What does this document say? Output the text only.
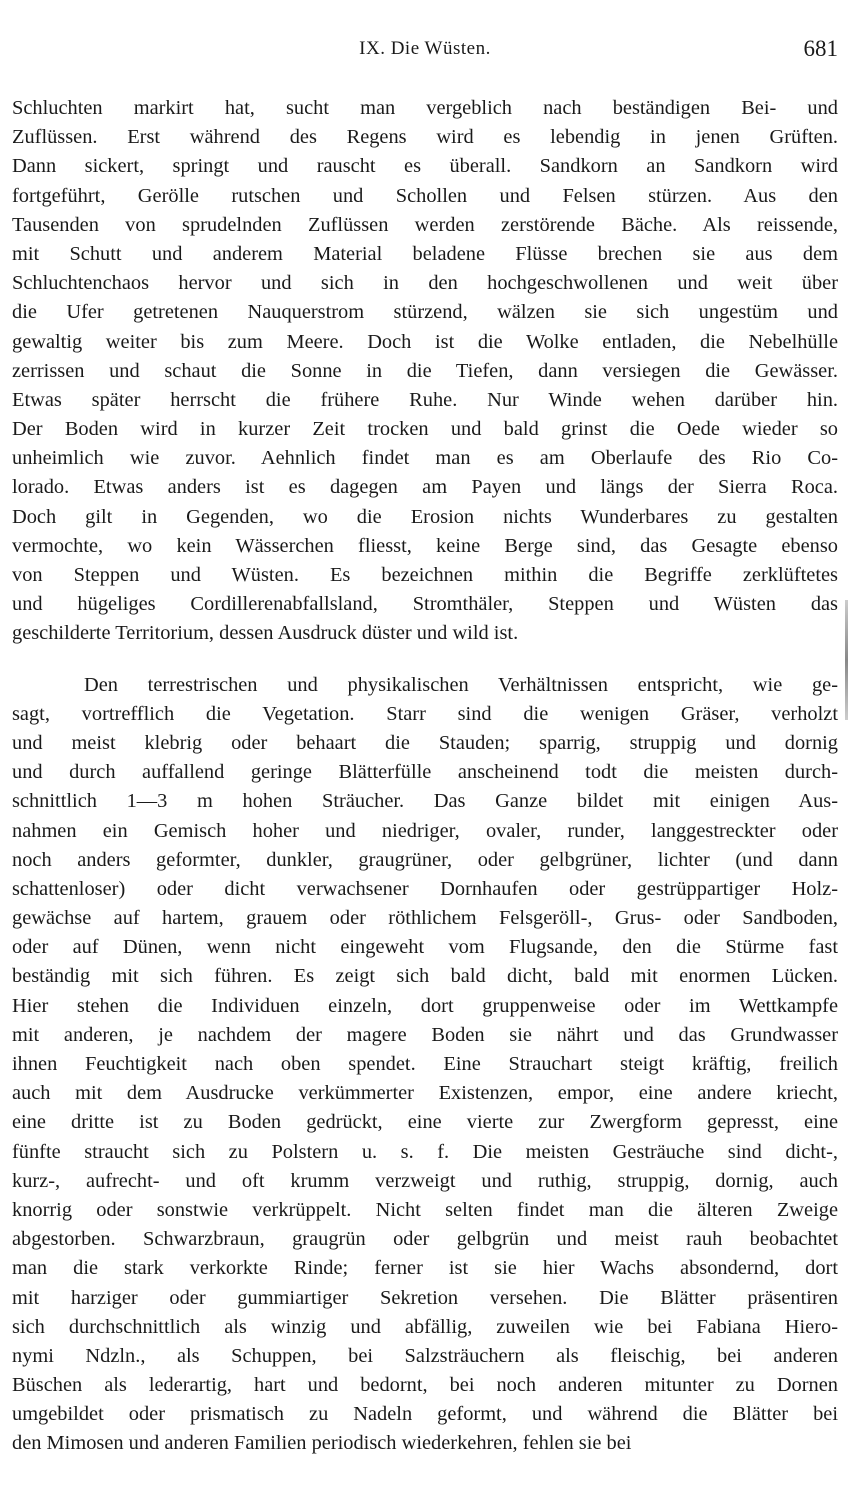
IX. Die Wüsten.	681
Schluchten markirt hat, sucht man vergeblich nach beständigen Bei- und
Zuflüssen. Erst während des Regens wird es lebendig in jenen Grüften.
Dann sickert, springt und rauscht es überall. Sandkorn an Sandkorn wird
fortgeführt, Gerölle rutschen und Schollen und Felsen stürzen. Aus den
Tausenden von sprudelnden Zuflüssen werden zerstörende Bäche. Als reissende,
mit Schutt und anderem Material beladene Flüsse brechen sie aus dem
Schluchtenchaos hervor und sich in den hochgeschwollenen und weit über
die Ufer getretenen Nauquerstrom stürzend, wälzen sie sich ungestüm und
gewaltig weiter bis zum Meere. Doch ist die Wolke entladen, die Nebelhülle
zerrissen und schaut die Sonne in die Tiefen, dann versiegen die Gewässer.
Etwas später herrscht die frühere Ruhe. Nur Winde wehen darüber hin.
Der Boden wird in kurzer Zeit trocken und bald grinst die Oede wieder so
unheimlich wie zuvor. Aehnlich findet man es am Oberlaufe des Rio Co-
lorado. Etwas anders ist es dagegen am Payen und längs der Sierra Roca.
Doch gilt in Gegenden, wo die Erosion nichts Wunderbares zu gestalten
vermochte, wo kein Wässerchen fliesst, keine Berge sind, das Gesagte ebenso
von Steppen und Wüsten. Es bezeichnen mithin die Begriffe zerklüftetes
und hügeliges Cordillerenabfallsland, Stromthäler, Steppen und Wüsten das
geschilderte Territorium, dessen Ausdruck düster und wild ist.
Den terrestrischen und physikalischen Verhältnissen entspricht, wie ge-
sagt, vortrefflich die Vegetation. Starr sind die wenigen Gräser, verholzt
und meist klebrig oder behaart die Stauden; sparrig, struppig und dornig
und durch auffallend geringe Blätterfülle anscheinend todt die meisten durch-
schnittlich 1—3 m hohen Sträucher. Das Ganze bildet mit einigen Aus-
nahmen ein Gemisch hoher und niedriger, ovaler, runder, langgestreckter oder
noch anders geformter, dunkler, graugrüner, oder gelbgrüner, lichter (und dann
schattenloser) oder dicht verwachsener Dornhaufen oder gestrüppartiger Holz-
gewächse auf hartem, grauem oder röthlichem Felsgeröll-, Grus- oder Sandboden,
oder auf Dünen, wenn nicht eingeweht vom Flugsande, den die Stürme fast
beständig mit sich führen. Es zeigt sich bald dicht, bald mit enormen Lücken.
Hier stehen die Individuen einzeln, dort gruppenweise oder im Wettkampfe
mit anderen, je nachdem der magere Boden sie nährt und das Grundwasser
ihnen Feuchtigkeit nach oben spendet. Eine Strauchart steigt kräftig, freilich
auch mit dem Ausdrucke verkümmerter Existenzen, empor, eine andere kriecht,
eine dritte ist zu Boden gedrückt, eine vierte zur Zwergform gepresst, eine
fünfte straucht sich zu Polstern u. s. f. Die meisten Gesträuche sind dicht-,
kurz-, aufrecht- und oft krumm verzweigt und ruthig, struppig, dornig, auch
knorrig oder sonstwie verkrüppelt. Nicht selten findet man die älteren Zweige
abgestorben. Schwarzbraun, graugrün oder gelbgrün und meist rauh beobachtet
man die stark verkorkte Rinde; ferner ist sie hier Wachs absondernd, dort
mit harziger oder gummiartiger Sekretion versehen. Die Blätter präsentiren
sich durchschnittlich als winzig und abfällig, zuweilen wie bei Fabiana Hiero-
nymi Ndzln., als Schuppen, bei Salzsträuchern als fleischig, bei anderen
Büschen als lederartig, hart und bedornt, bei noch anderen mitunter zu Dornen
umgebildet oder prismatisch zu Nadeln geformt, und während die Blätter bei
den Mimosen und anderen Familien periodisch wiederkehren, fehlen sie bei
